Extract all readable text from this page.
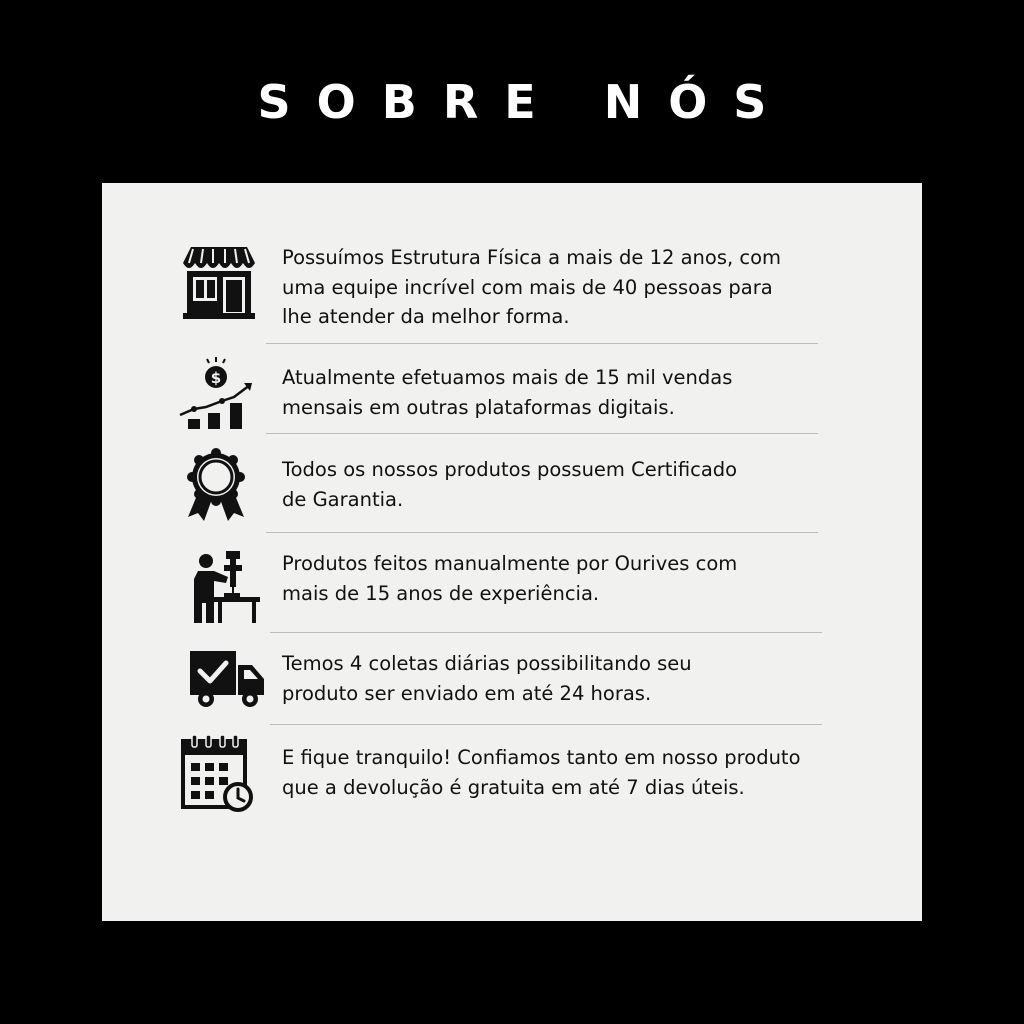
SOBRE NÓS

Possuímos Estrutura Física a mais de 12 anos, com
uma equipe incrível com mais de 40 pessoas para
lhe atender da melhor forma.

$	Atualmente efetuamos mais de 15 mil vendas
mensais em outras plataformas digitais.

Todos os nossos produtos possuem Certificado
de Garantia.

Produtos feitos manualmente por Ourives com
mais de 15 anos de experiência.

Temos 4 coletas diárias possibilitando seu
produto ser enviado em até 24 horas.

E fique tranquilo! Confiamos tanto em nosso produto
que a devolução é gratuita em até 7 dias úteis.
